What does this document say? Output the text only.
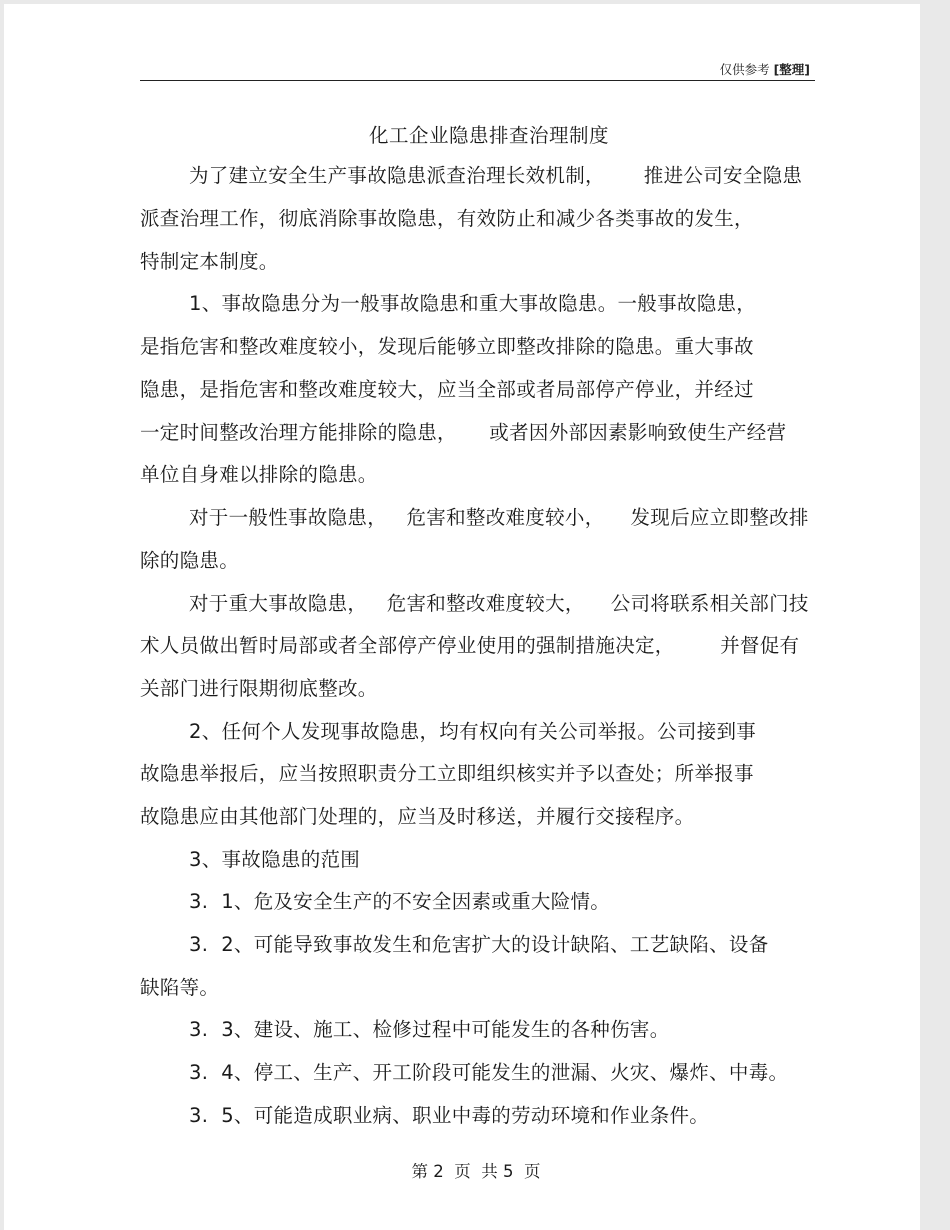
仅供参考 [整理]
化工企业隐患排查治理制度
为了建立安全生产事故隐患派查治理长效机制，      推进公司安全隐患
派查治理工作，彻底消除事故隐患，有效防止和减少各类事故的发生，
特制定本制度。
1、事故隐患分为一般事故隐患和重大事故隐患。一般事故隐患，
是指危害和整改难度较小，发现后能够立即整改排除的隐患。重大事故
隐患，是指危害和整改难度较大，应当全部或者局部停产停业，并经过
一定时间整改治理方能排除的隐患，     或者因外部因素影响致使生产经营
单位自身难以排除的隐患。
对于一般性事故隐患，   危害和整改难度较小，    发现后应立即整改排
除的隐患。
对于重大事故隐患，   危害和整改难度较大，    公司将联系相关部门技
术人员做出暂时局部或者全部停产停业使用的强制措施决定，       并督促有
关部门进行限期彻底整改。
2、任何个人发现事故隐患，均有权向有关公司举报。公司接到事
故隐患举报后，应当按照职责分工立即组织核实并予以查处；所举报事
故隐患应由其他部门处理的，应当及时移送，并履行交接程序。
3、事故隐患的范围
3.  1、危及安全生产的不安全因素或重大险情。
3.  2、可能导致事故发生和危害扩大的设计缺陷、工艺缺陷、设备
缺陷等。
3.  3、建设、施工、检修过程中可能发生的各种伤害。
3.  4、停工、生产、开工阶段可能发生的泄漏、火灾、爆炸、中毒。
3.  5、可能造成职业病、职业中毒的劳动环境和作业条件。
第 2  页  共 5  页
